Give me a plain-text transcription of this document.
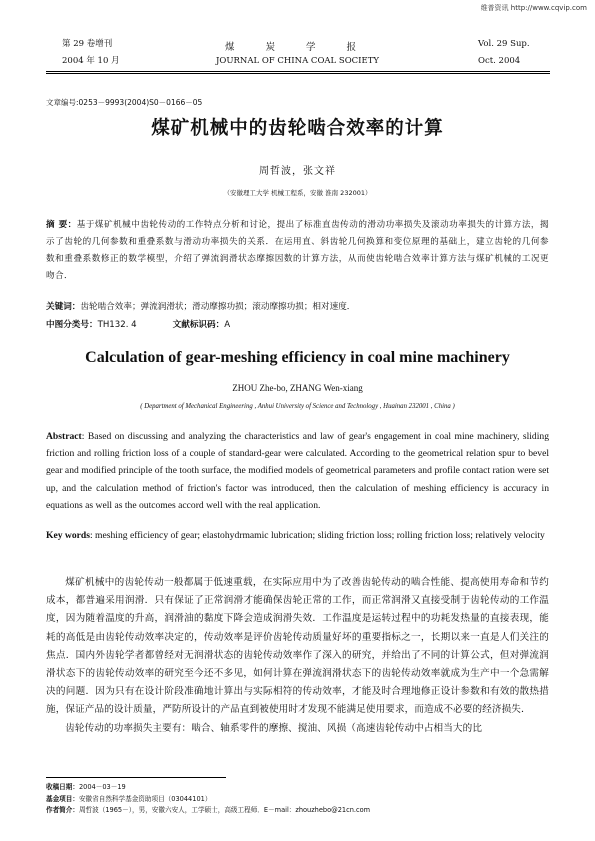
维普资讯 http://www.cqvip.com
第 29 卷增刊
2004 年 10 月
煤 炭 学 报
JOURNAL OF CHINA COAL SOCIETY
Vol. 29 Sup.
Oct. 2004
文章编号:0253－9993(2004)S0－0166－05
煤矿机械中的齿轮啮合效率的计算
周哲波，张文祥
（安徽理工大学 机械工程系，安徽 淮南 232001）
摘 要：基于煤矿机械中齿轮传动的工作特点分析和讨论，提出了标准直齿传动的滑动功率损失及滚动功率损失的计算方法，揭示了齿轮的几何参数和重叠系数与滑动功率损失的关系．在运用直、斜齿轮几何换算和变位原理的基础上，建立齿轮的几何参数和重叠系数修正的数学模型，介绍了弹流润滑状态摩擦因数的计算方法，从而使齿轮啮合效率计算方法与煤矿机械的工况更吻合．
关键词：齿轮啮合效率；弹流润滑状；滑动摩擦功损；滚动摩擦功损；相对速度．
中图分类号：TH132. 4	文献标识码：A
Calculation of gear-meshing efficiency in coal mine machinery
ZHOU Zhe-bo, ZHANG Wen-xiang
( Department of Mechanical Engineering , Anhui University of Science and Technology , Huainan 232001 , China )
Abstract: Based on discussing and analyzing the characteristics and law of gear's engagement in coal mine machinery, sliding friction and rolling friction loss of a couple of standard-gear were calculated. According to the geometrical relation spur to bevel gear and modified principle of the tooth surface, the modified models of geometrical parameters and profile contact ration were set up, and the calculation method of friction's factor was introduced, then the calculation of meshing efficiency is accuracy in equations as well as the outcomes accord well with the real application.
Key words: meshing efficiency of gear; elastohydrmamic lubrication; sliding friction loss; rolling friction loss; relatively velocity

煤矿机械中的齿轮传动一般都属于低速重载，在实际应用中为了改善齿轮传动的啮合性能、提高使用寿命和节约成本，都普遍采用润滑．只有保证了正常润滑才能确保齿轮正常的工作，而正常润滑又直接受制于齿轮传动的工作温度，因为随着温度的升高，润滑油的黏度下降会造成润滑失效．工作温度是运转过程中的功耗发热量的直接表现，能耗的高低是由齿轮传动效率决定的，传动效率是评价齿轮传动质量好坏的重要指标之一，长期以来一直是人们关注的焦点．国内外齿轮学者都曾经对无润滑状态的齿轮传动效率作了深入的研究，并给出了不同的计算公式，但对弹流润滑状态下的齿轮传动效率的研究至今还不多见，如何计算在弹流润滑状态下的齿轮传动效率就成为生产中一个急需解决的问题．因为只有在设计阶段准确地计算出与实际相符的传动效率，才能及时合理地修正设计参数和有效的散热措施，保证产品的设计质量，严防所设计的产品直到被使用时才发现不能满足使用要求，而造成不必要的经济损失．

齿轮传动的功率损失主要有：啮合、轴系零件的摩擦、搅油、风损（高速齿轮传动中占相当大的比

收稿日期：2004－03－19
基金项目：安徽省自然科学基金资助项目（03044101）
作者简介：周哲波（1965－），男，安徽六安人，工学硕士，高级工程师．E－mail：zhouzhebo@21cn.com
